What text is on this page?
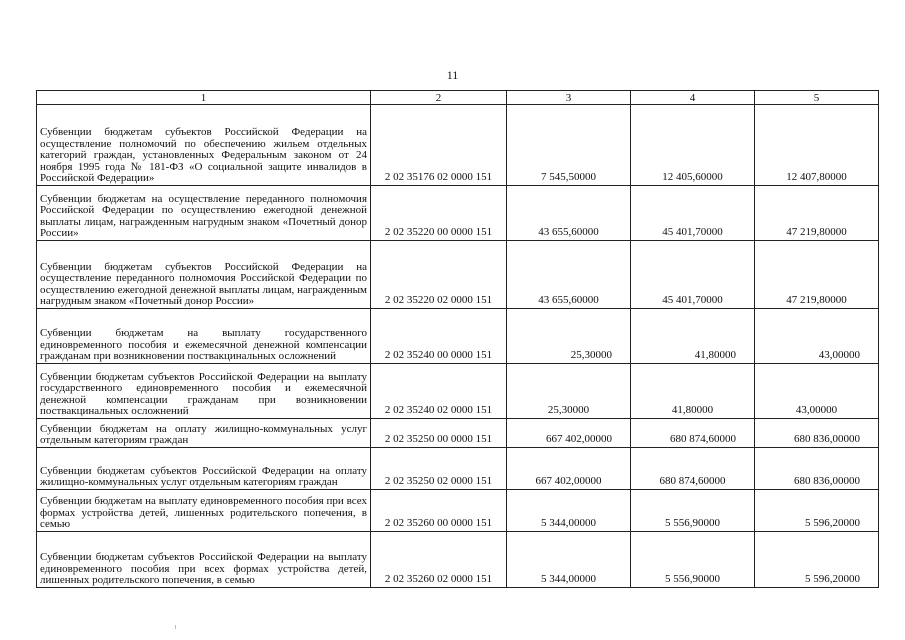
11
1	2	3	4	5
Субвенции бюджетам субъектов Российской Федерации на осуществление полномочий по обеспечению жильем отдельных категорий граждан, установленных Федеральным законом от 24 ноября 1995 года № 181-ФЗ «О социальной защите инвалидов в Российской Федерации»	2 02 35176 02 0000 151	7 545,50000	12 405,60000	12 407,80000
Субвенции бюджетам на осуществление переданного полномочия Российской Федерации по осуществлению ежегодной денежной выплаты лицам, награжденным нагрудным знаком «Почетный донор России»	2 02 35220 00 0000 151	43 655,60000	45 401,70000	47 219,80000
Субвенции бюджетам субъектов Российской Федерации на осуществление переданного полномочия Российской Федерации по осуществлению ежегодной денежной выплаты лицам, награжденным нагрудным знаком «Почетный донор России»	2 02 35220 02 0000 151	43 655,60000	45 401,70000	47 219,80000
Субвенции бюджетам на выплату государственного единовременного пособия и ежемесячной денежной компенсации гражданам при возникновении поствакцинальных осложнений	2 02 35240 00 0000 151	25,30000	41,80000	43,00000
Субвенции бюджетам субъектов Российской Федерации на выплату государственного единовременного пособия и ежемесячной денежной компенсации гражданам при возникновении поствакцинальных осложнений	2 02 35240 02 0000 151	25,30000	41,80000	43,00000
Субвенции бюджетам на оплату жилищно-коммунальных услуг отдельным категориям граждан	2 02 35250 00 0000 151	667 402,00000	680 874,60000	680 836,00000
Субвенции бюджетам субъектов Российской Федерации на оплату жилищно-коммунальных услуг отдельным категориям граждан	2 02 35250 02 0000 151	667 402,00000	680 874,60000	680 836,00000
Субвенции бюджетам на выплату единовременного пособия при всех формах устройства детей, лишенных родительского попечения, в семью	2 02 35260 00 0000 151	5 344,00000	5 556,90000	5 596,20000
Субвенции бюджетам субъектов Российской Федерации на выплату единовременного пособия при всех формах устройства детей, лишенных родительского попечения, в семью	2 02 35260 02 0000 151	5 344,00000	5 556,90000	5 596,20000
